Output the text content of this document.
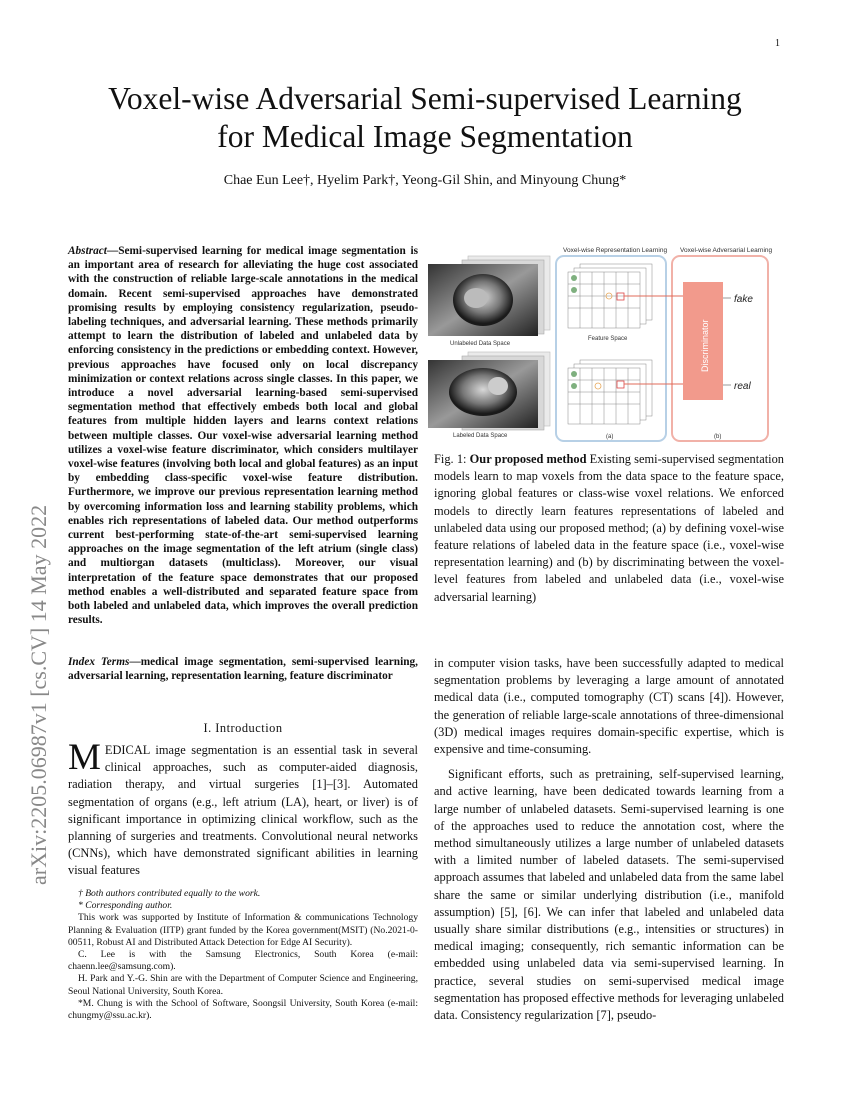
1
arXiv:2205.06987v1 [cs.CV] 14 May 2022
Voxel-wise Adversarial Semi-supervised Learning
for Medical Image Segmentation
Chae Eun Lee†, Hyelim Park†, Yeong-Gil Shin, and Minyoung Chung*
Abstract—Semi-supervised learning for medical image segmentation is an important area of research for alleviating the huge cost associated with the construction of reliable large-scale annotations in the medical domain. Recent semi-supervised approaches have demonstrated promising results by employing consistency regularization, pseudo-labeling techniques, and adversarial learning. These methods primarily attempt to learn the distribution of labeled and unlabeled data by enforcing consistency in the predictions or embedding context. However, previous approaches have focused only on local discrepancy minimization or context relations across single classes. In this paper, we introduce a novel adversarial learning-based semi-supervised segmentation method that effectively embeds both local and global features from multiple hidden layers and learns context relations between multiple classes. Our voxel-wise adversarial learning method utilizes a voxel-wise feature discriminator, which considers multilayer voxel-wise features (involving both local and global features) as an input by embedding class-specific voxel-wise feature distribution. Furthermore, we improve our previous representation learning method by overcoming information loss and learning stability problems, which enables rich representations of labeled data. Our method outperforms current best-performing state-of-the-art semi-supervised learning approaches on the image segmentation of the left atrium (single class) and multiorgan datasets (multiclass). Moreover, our visual interpretation of the feature space demonstrates that our proposed method enables a well-distributed and separated feature space from both labeled and unlabeled data, which improves the overall prediction results.
Index Terms—medical image segmentation, semi-supervised learning, adversarial learning, representation learning, feature discriminator
I. Introduction
MEDICAL image segmentation is an essential task in several clinical approaches, such as computer-aided diagnosis, radiation therapy, and virtual surgeries [1]–[3]. Automated segmentation of organs (e.g., left atrium (LA), heart, or liver) is of significant importance in optimizing clinical workflow, such as the planning of surgeries and treatments. Convolutional neural networks (CNNs), which have demonstrated significant abilities in learning visual features

† Both authors contributed equally to the work.

* Corresponding author.

This work was supported by Institute of Information & communications Technology Planning & Evaluation (IITP) grant funded by the Korea government(MSIT) (No.2021-0-00511, Robust AI and Distributed Attack Detection for Edge AI Security).

C. Lee is with the Samsung Electronics, South Korea (e-mail: chaenn.lee@samsung.com).

H. Park and Y.-G. Shin are with the Department of Computer Science and Engineering, Seoul National University, South Korea.

*M. Chung is with the School of Software, Soongsil University, South Korea (e-mail: chungmy@ssu.ac.kr).

Voxel-wise Representation Learning Voxel-wise Adversarial Learning
Unlabeled Data Space
Labeled Data Space
Feature Space	Discriminator
fake
real
(a)	(b)
Fig. 1: Our proposed method Existing semi-supervised segmentation models learn to map voxels from the data space to the feature space, ignoring global features or class-wise voxel relations. We enforced models to directly learn features representations of labeled and unlabeled data using our proposed method; (a) by defining voxel-wise feature relations of labeled data in the feature space (i.e., voxel-wise representation learning) and (b) by discriminating between the voxel-level features from labeled and unlabeled data (i.e., voxel-wise adversarial learning)

in computer vision tasks, have been successfully adapted to medical segmentation problems by leveraging a large amount of annotated medical data (i.e., computed tomography (CT) scans [4]). However, the generation of reliable large-scale annotations of three-dimensional (3D) medical images requires domain-specific expertise, which is expensive and time-consuming.

Significant efforts, such as pretraining, self-supervised learning, and active learning, have been dedicated towards learning from a large number of unlabeled datasets. Semi-supervised learning is one of the approaches used to reduce the annotation cost, where the method simultaneously utilizes a large number of unlabeled datasets with a limited number of labeled datasets. The semi-supervised approach assumes that labeled and unlabeled data from the same label share the same or similar underlying distribution (i.e., manifold assumption) [5], [6]. We can infer that labeled and unlabeled data usually share similar distributions (e.g., intensities or structures) in medical imaging; consequently, rich semantic information can be embedded using unlabeled data via semi-supervised learning. In practice, several studies on semi-supervised medical image segmentation has proposed effective methods for leveraging unlabeled data. Consistency regularization [7], pseudo-
